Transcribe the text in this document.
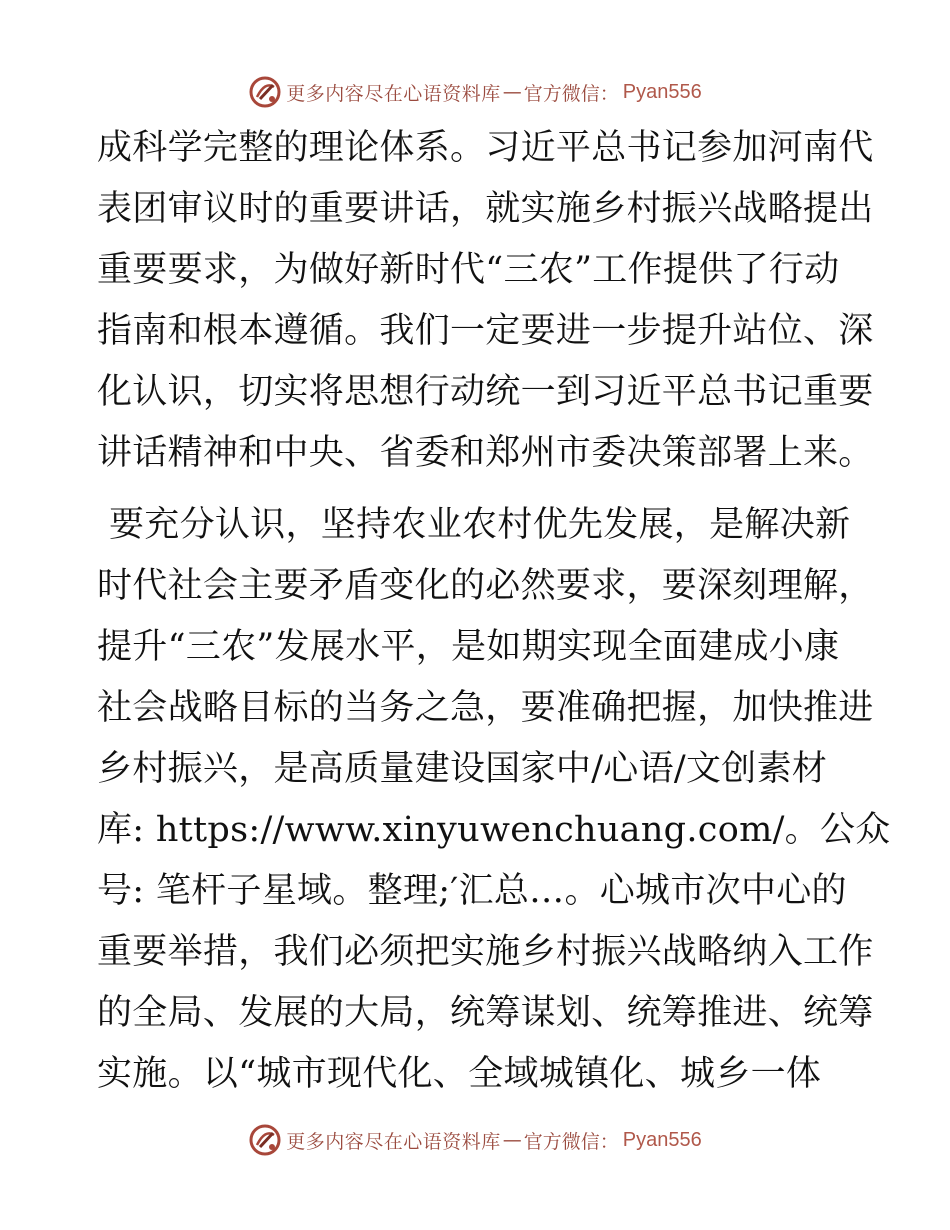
更多内容尽在心语资料库 — 官方微信： Pyan556
成科学完整的理论体系。习近平总书记参加河南代
表团审议时的重要讲话，就实施乡村振兴战略提出
重要要求，为做好新时代“三农”工作提供了行动
指南和根本遵循。我们一定要进一步提升站位、深
化认识，切实将思想行动统一到习近平总书记重要
讲话精神和中央、省委和郑州市委决策部署上来。
要充分认识，坚持农业农村优先发展，是解决新
时代社会主要矛盾变化的必然要求，要深刻理解，
提升“三农”发展水平，是如期实现全面建成小康
社会战略目标的当务之急，要准确把握，加快推进
乡村振兴，是高质量建设国家中/心语/文创素材
库: https://www.xinyuwenchuang.com/。公众
号: 笔杆子星域。整理;′汇总…。心城市次中心的
重要举措，我们必须把实施乡村振兴战略纳入工作
的全局、发展的大局，统筹谋划、统筹推进、统筹
实施。以“城市现代化、全域城镇化、城乡一体
更多内容尽在心语资料库 — 官方微信： Pyan556
